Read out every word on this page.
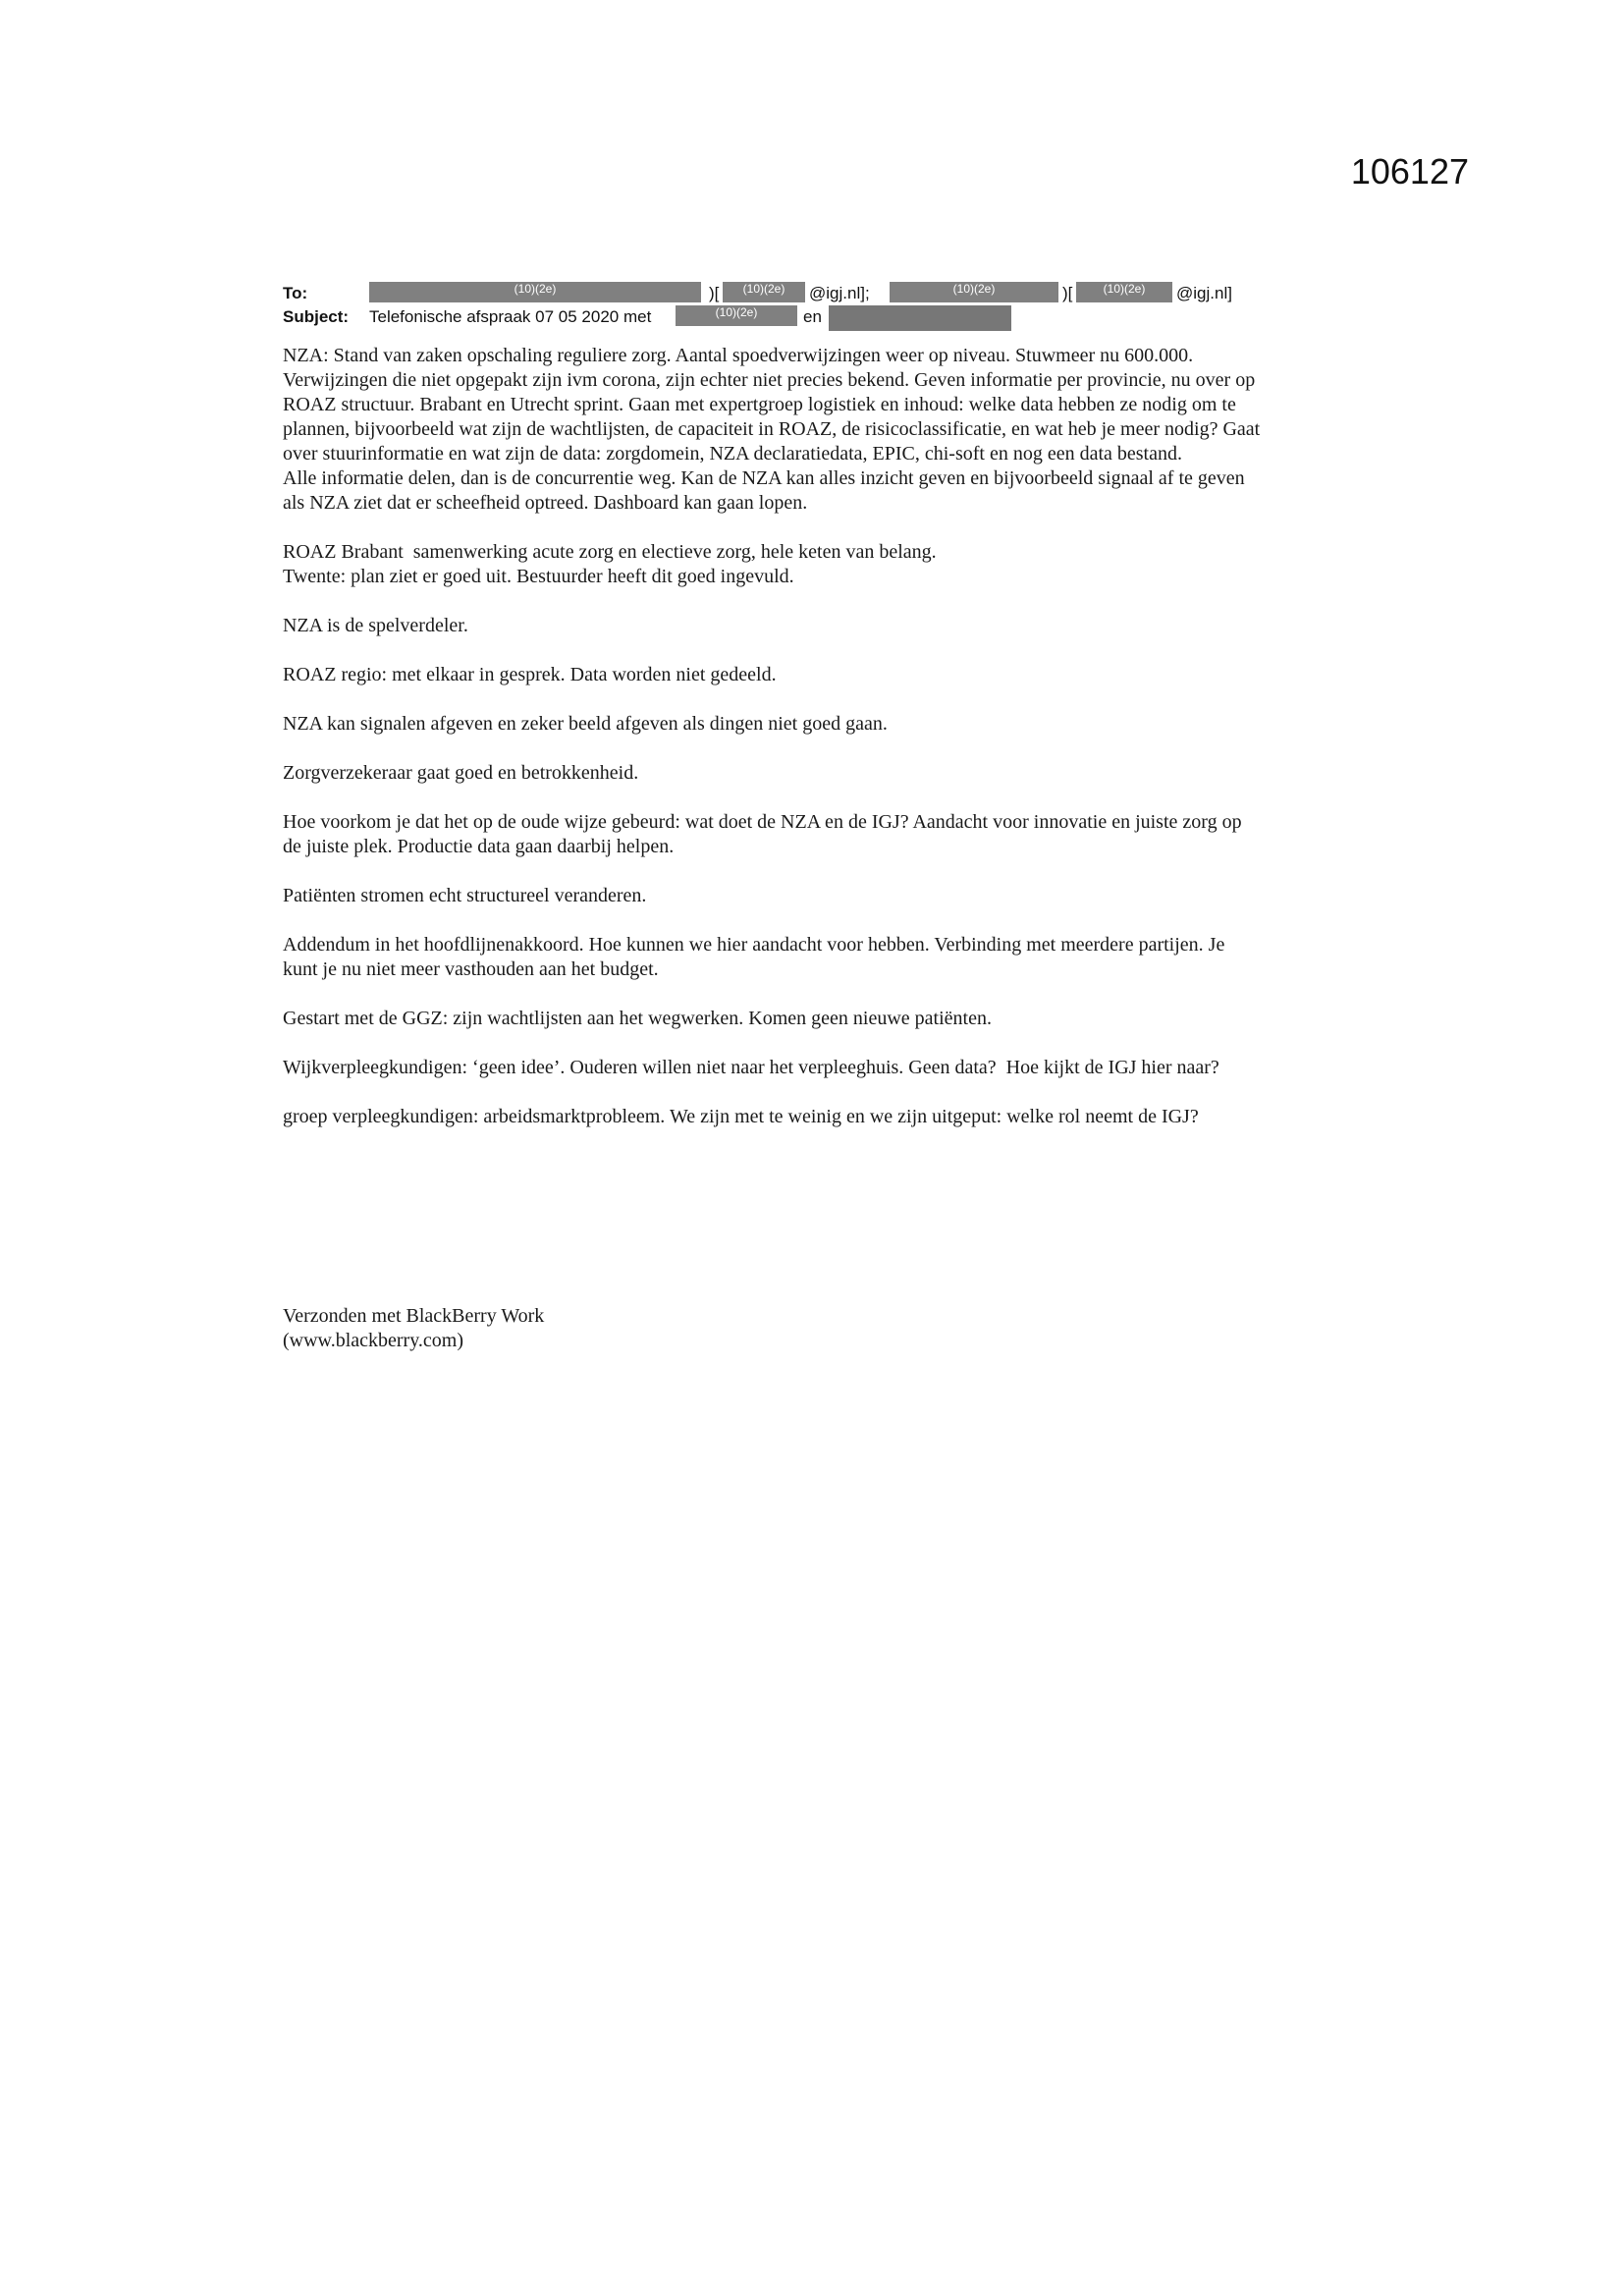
106127
To:	(10)(2e)	)[	(10)(2e)	@igj.nl];	(10)(2e)	)[	(10)(2e)	@igj.nl]
Subject: Telefonische afspraak 07 05 2020 met	(10)(2e)	en

NZA: Stand van zaken opschaling reguliere zorg. Aantal spoedverwijzingen weer op niveau. Stuwmeer nu 600.000.
Verwijzingen die niet opgepakt zijn ivm corona, zijn echter niet precies bekend. Geven informatie per provincie, nu over op
ROAZ structuur. Brabant en Utrecht sprint. Gaan met expertgroep logistiek en inhoud: welke data hebben ze nodig om te
plannen, bijvoorbeeld wat zijn de wachtlijsten, de capaciteit in ROAZ, de risicoclassificatie, en wat heb je meer nodig? Gaat
over stuurinformatie en wat zijn de data: zorgdomein, NZA declaratiedata, EPIC, chi-soft en nog een data bestand.
Alle informatie delen, dan is de concurrentie weg. Kan de NZA kan alles inzicht geven en bijvoorbeeld signaal af te geven
als NZA ziet dat er scheefheid optreed. Dashboard kan gaan lopen.

ROAZ Brabant  samenwerking acute zorg en electieve zorg, hele keten van belang.
Twente: plan ziet er goed uit. Bestuurder heeft dit goed ingevuld.

NZA is de spelverdeler.

ROAZ regio: met elkaar in gesprek. Data worden niet gedeeld.

NZA kan signalen afgeven en zeker beeld afgeven als dingen niet goed gaan.

Zorgverzekeraar gaat goed en betrokkenheid.

Hoe voorkom je dat het op de oude wijze gebeurd: wat doet de NZA en de IGJ? Aandacht voor innovatie en juiste zorg op
de juiste plek. Productie data gaan daarbij helpen.

Patiënten stromen echt structureel veranderen.

Addendum in het hoofdlijnenakkoord. Hoe kunnen we hier aandacht voor hebben. Verbinding met meerdere partijen. Je
kunt je nu niet meer vasthouden aan het budget.

Gestart met de GGZ: zijn wachtlijsten aan het wegwerken. Komen geen nieuwe patiënten.

Wijkverpleegkundigen: ‘geen idee’. Ouderen willen niet naar het verpleeghuis. Geen data?  Hoe kijkt de IGJ hier naar?

groep verpleegkundigen: arbeidsmarktprobleem. We zijn met te weinig en we zijn uitgeput: welke rol neemt de IGJ?

Verzonden met BlackBerry Work
(www.blackberry.com)
